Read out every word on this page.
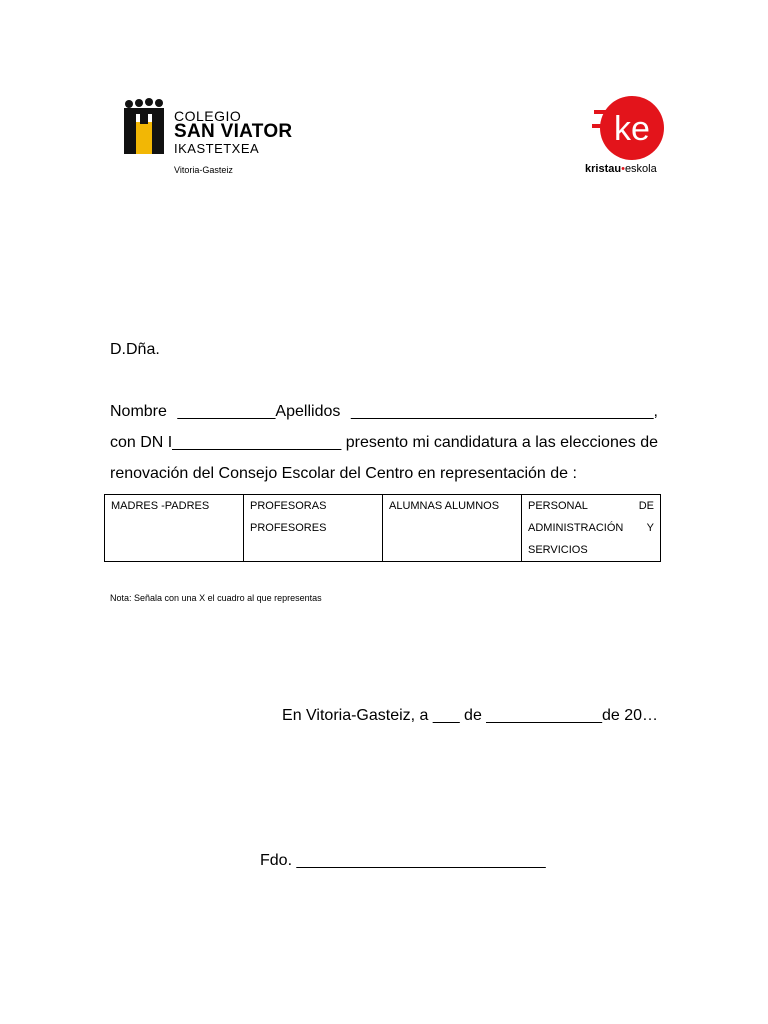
COLEGIO
SAN VIATOR
IKASTETXEA
Vitoria-Gasteiz
ke
kristau•eskola
D.Dña.
Nombre ___________Apellidos __________________________________, con DN I___________________ presento mi candidatura a las elecciones de renovación del Consejo Escolar del Centro en representación de :
MADRES -PADRES	PROFESORAS PROFESORES	ALUMNAS ALUMNOS	PERSONAL DE ADMINISTRACIÓN Y SERVICIOS
Nota: Señala con una X el cuadro al que representas
En Vitoria-Gasteiz, a ___ de _____________de 20…
Fdo. ____________________________
